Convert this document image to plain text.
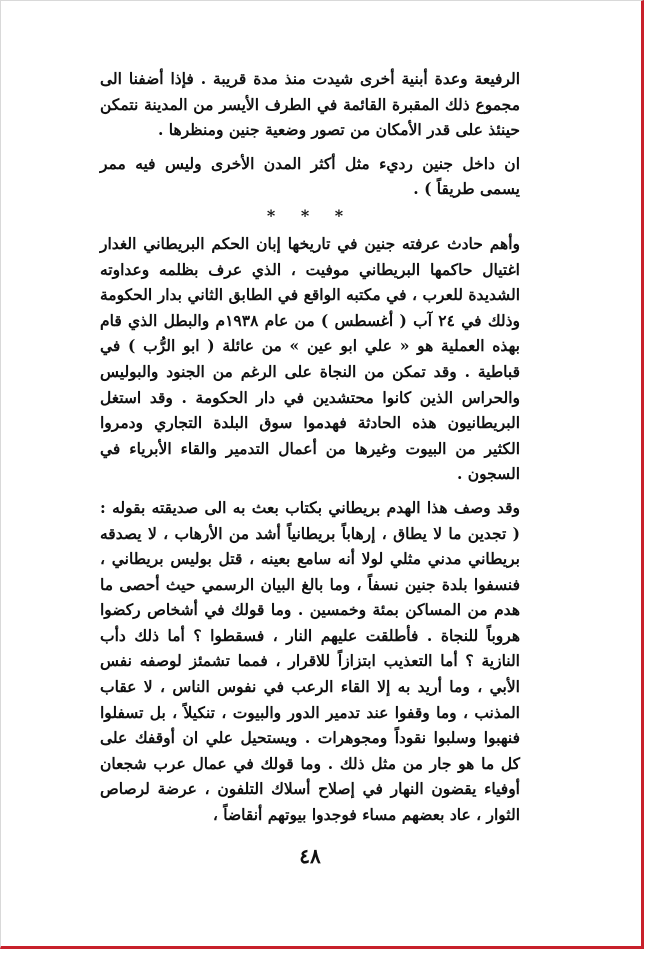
الرفيعة وعدة أبنية أخرى شيدت منذ مدة قريبة . فإذا أضفنا الى مجموع ذلك المقبرة القائمة في الطرف الأيسر من المدينة نتمكن حينئذ على قدر الأمكان من تصور وضعية جنين ومنظرها .

ان داخل جنين رديء مثل أكثر المدن الأخرى وليس فيه ممر يسمى طريقاً ) .

* * *

وأهم حادث عرفته جنين في تاريخها إبان الحكم البريطاني الغدار اغتيال حاكمها البريطاني موفيت ، الذي عرف بظلمه وعداوته الشديدة للعرب ، في مكتبه الواقع في الطابق الثاني بدار الحكومة وذلك في ٢٤ آب ( أغسطس ) من عام ١٩٣٨م والبطل الذي قام بهذه العملية هو « علي ابو عين » من عائلة ( ابو الرُّب ) في قباطية . وقد تمكن من النجاة على الرغم من الجنود والبوليس والحراس الذين كانوا محتشدين في دار الحكومة . وقد استغل البريطانيون هذه الحادثة فهدموا سوق البلدة التجاري ودمروا الكثير من البيوت وغيرها من أعمال التدمير والقاء الأبرياء في السجون .

وقد وصف هذا الهدم بريطاني بكتاب بعث به الى صديقته بقوله : ( تجدين ما لا يطاق ، إرهاباً بريطانياً أشد من الأرهاب ، لا يصدقه بريطاني مدني مثلي لولا أنه سامع بعينه ، قتل بوليس بريطاني ، فنسفوا بلدة جنين نسفاً ، وما بالغ البيان الرسمي حيث أحصى ما هدم من المساكن بمئة وخمسين . وما قولك في أشخاص ركضوا هروباً للنجاة . فأطلقت عليهم النار ، فسقطوا ؟ أما ذلك دأب النازية ؟ أما التعذيب ابتزازاً للاقرار ، فمما تشمئز لوصفه نفس الأبي ، وما أريد به إلا القاء الرعب في نفوس الناس ، لا عقاب المذنب ، وما وقفوا عند تدمير الدور والبيوت ، تنكيلاً ، بل تسفلوا فنهبوا وسلبوا نقوداً ومجوهرات . ويستحيل علي ان أوقفك على كل ما هو جار من مثل ذلك . وما قولك في عمال عرب شجعان أوفياء يقضون النهار في إصلاح أسلاك التلفون ، عرضة لرصاص الثوار ، عاد بعضهم مساء فوجدوا بيوتهم أنقاضاً ،

٤٨
